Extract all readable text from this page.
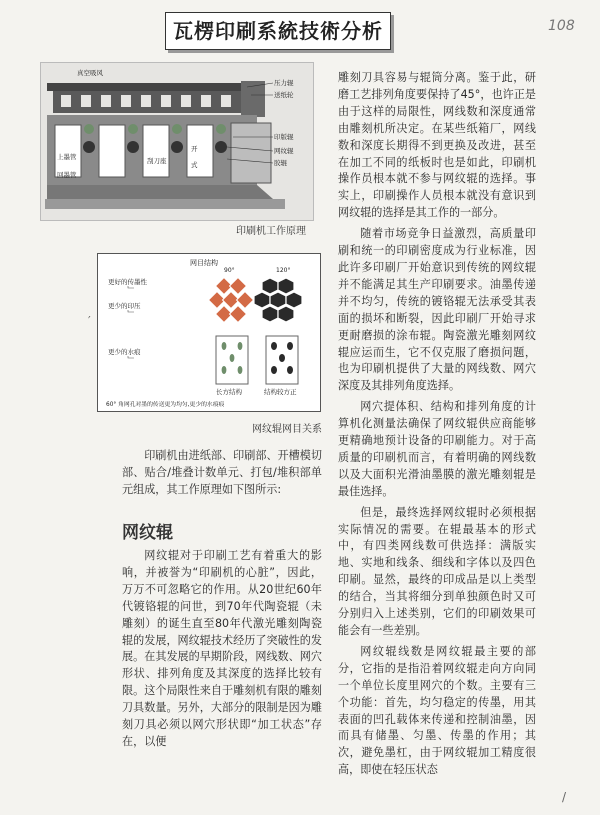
瓦楞印刷系統技術分析	108
真空吸风
压力辊
送纸轮
印版辊
网纹辊
胶辊
上墨管
回墨管
刮刀座
开
式
印刷机工作原理
网目结构
更好的传墨性
更少的印压
更少的水痕
90°	120°
长方结构	结构较方正
60° 角网孔对墨的传送更为均匀,更少的水痕痕
网纹辊网目关系
′

印刷机由进纸部、印刷部、开槽模切部、贴合/堆叠计数单元、打包/堆积部单元组成，其工作原理如下图所示:

网纹辊

网纹辊对于印刷工艺有着重大的影响，并被誉为“印刷机的心脏”，因此，万万不可忽略它的作用。从20世纪60年代镀铬辊的问世，到70年代陶瓷辊（未雕刻）的诞生直至80年代激光雕刻陶瓷辊的发展，网纹辊技术经历了突破性的发展。在其发展的早期阶段，网线数、网穴形状、排列角度及其深度的选择比较有限。这个局限性来自于雕刻机有限的雕刻刀具数量。另外，大部分的限制是因为雕刻刀具必须以网穴形状即“加工状态”存在，以便

雕刻刀具容易与辊筒分离。鉴于此，研磨工艺排列角度要保持了45°，也许正是由于这样的局限性，网线数和深度通常由雕刻机所决定。在某些纸箱厂，网线数和深度长期得不到更换及改进，甚至在加工不同的纸板时也是如此，印刷机操作员根本就不参与网纹辊的选择。事实上，印刷操作人员根本就没有意识到网纹辊的选择是其工作的一部分。

随着市场竞争日益激烈，高质量印刷和统一的印刷密度成为行业标准，因此许多印刷厂开始意识到传统的网纹辊并不能满足其生产印刷要求。油墨传递并不均匀，传统的镀铬辊无法承受其表面的损坏和断裂，因此印刷厂开始寻求更耐磨损的涂布辊。陶瓷激光雕刻网纹辊应运而生，它不仅克服了磨损问题，也为印刷机提供了大量的网线数、网穴深度及其排列角度选择。

网穴提体积、结构和排列角度的计算机化测量法确保了网纹辊供应商能够更精确地预计设备的印刷能力。对于高质量的印刷机而言，有着明确的网线数以及大面积光滑油墨膜的激光雕刻辊是最佳选择。

但是，最终选择网纹辊时必须根据实际情况的需要。在辊最基本的形式中，有四类网线数可供选择：满版实地、实地和线条、细线和字体以及四色印刷。显然，最终的印成品是以上类型的结合，当其将细分到单独颜色时又可分别归入上述类别，它们的印刷效果可能会有一些差别。

网纹辊线数是网纹辊最主要的部分，它指的是指沿着网纹辊走向方向同一个单位长度里网穴的个数。主要有三个功能：首先，均匀稳定的传墨，用其表面的凹孔载体来传递和控制油墨，因而具有储墨、匀墨、传墨的作用；其次，避免墨杠，由于网纹辊加工精度很高，即使在轻压状态

/
